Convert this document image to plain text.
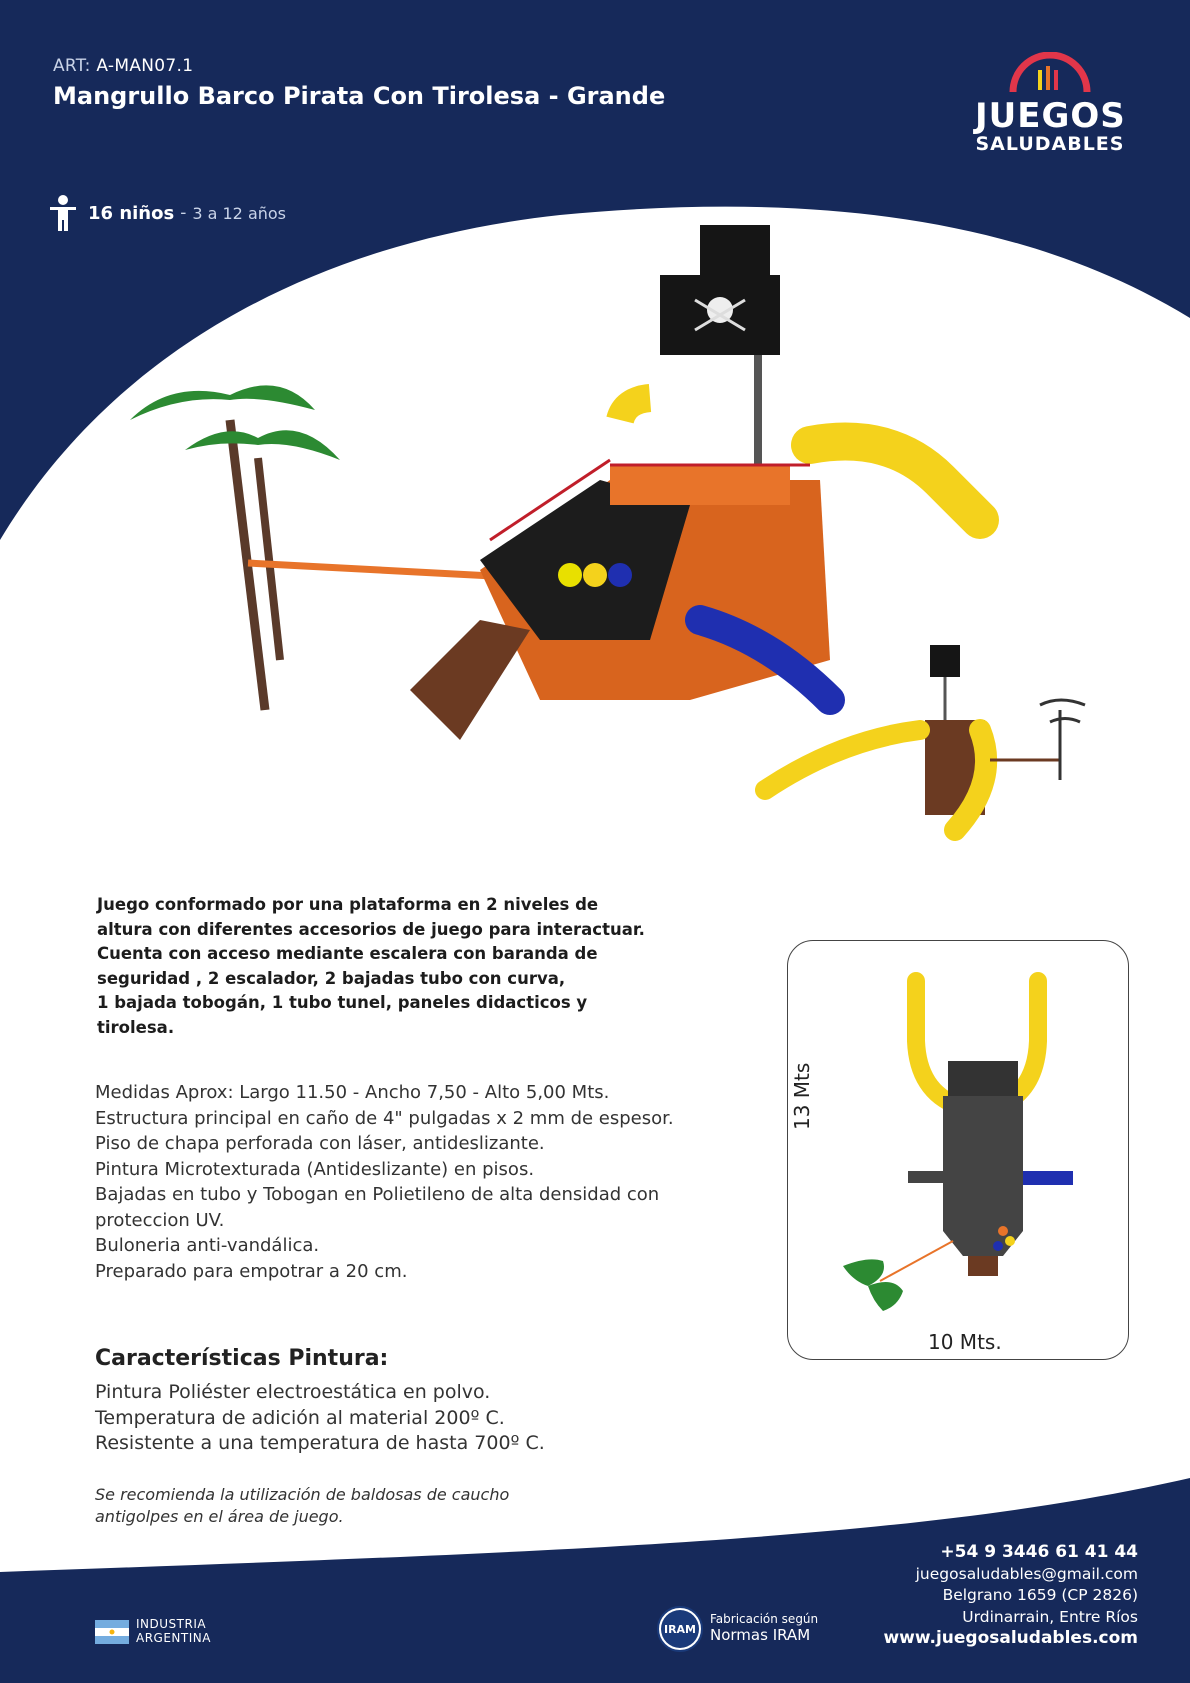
ART: A-MAN07.1
Mangrullo Barco Pirata Con Tirolesa - Grande
16 niños - 3 a 12 años
JUEGOS
SALUDABLES
Juego conformado por una plataforma en 2 niveles de
altura con diferentes accesorios de juego para interactuar.
Cuenta con acceso mediante escalera con baranda de
seguridad , 2 escalador, 2 bajadas tubo con curva,
1 bajada tobogán, 1 tubo tunel, paneles didacticos y
tirolesa.
Medidas Aprox: Largo 11.50 - Ancho 7,50 - Alto 5,00 Mts.
Estructura principal en caño de 4" pulgadas x 2 mm de espesor.
Piso de chapa perforada con láser, antideslizante.
Pintura Microtexturada (Antideslizante) en pisos.
Bajadas en tubo y Tobogan en Polietileno de alta densidad con proteccion UV.
Buloneria anti-vandálica.
Preparado para empotrar a 20 cm.
Características Pintura:
Pintura Poliéster electroestática en polvo.
Temperatura de adición al material 200º C.
Resistente a una temperatura de hasta 700º C.
Se recomienda la utilización de baldosas de caucho
antigolpes en el área de juego.
10 Mts.
13 Mts
+54 9 3446 61 41 44
juegosaludables@gmail.com
Belgrano 1659 (CP 2826)
Urdinarrain, Entre Ríos
www.juegosaludables.com
INDUSTRIA
ARGENTINA
IRAM
Fabricación según
Normas IRAM
